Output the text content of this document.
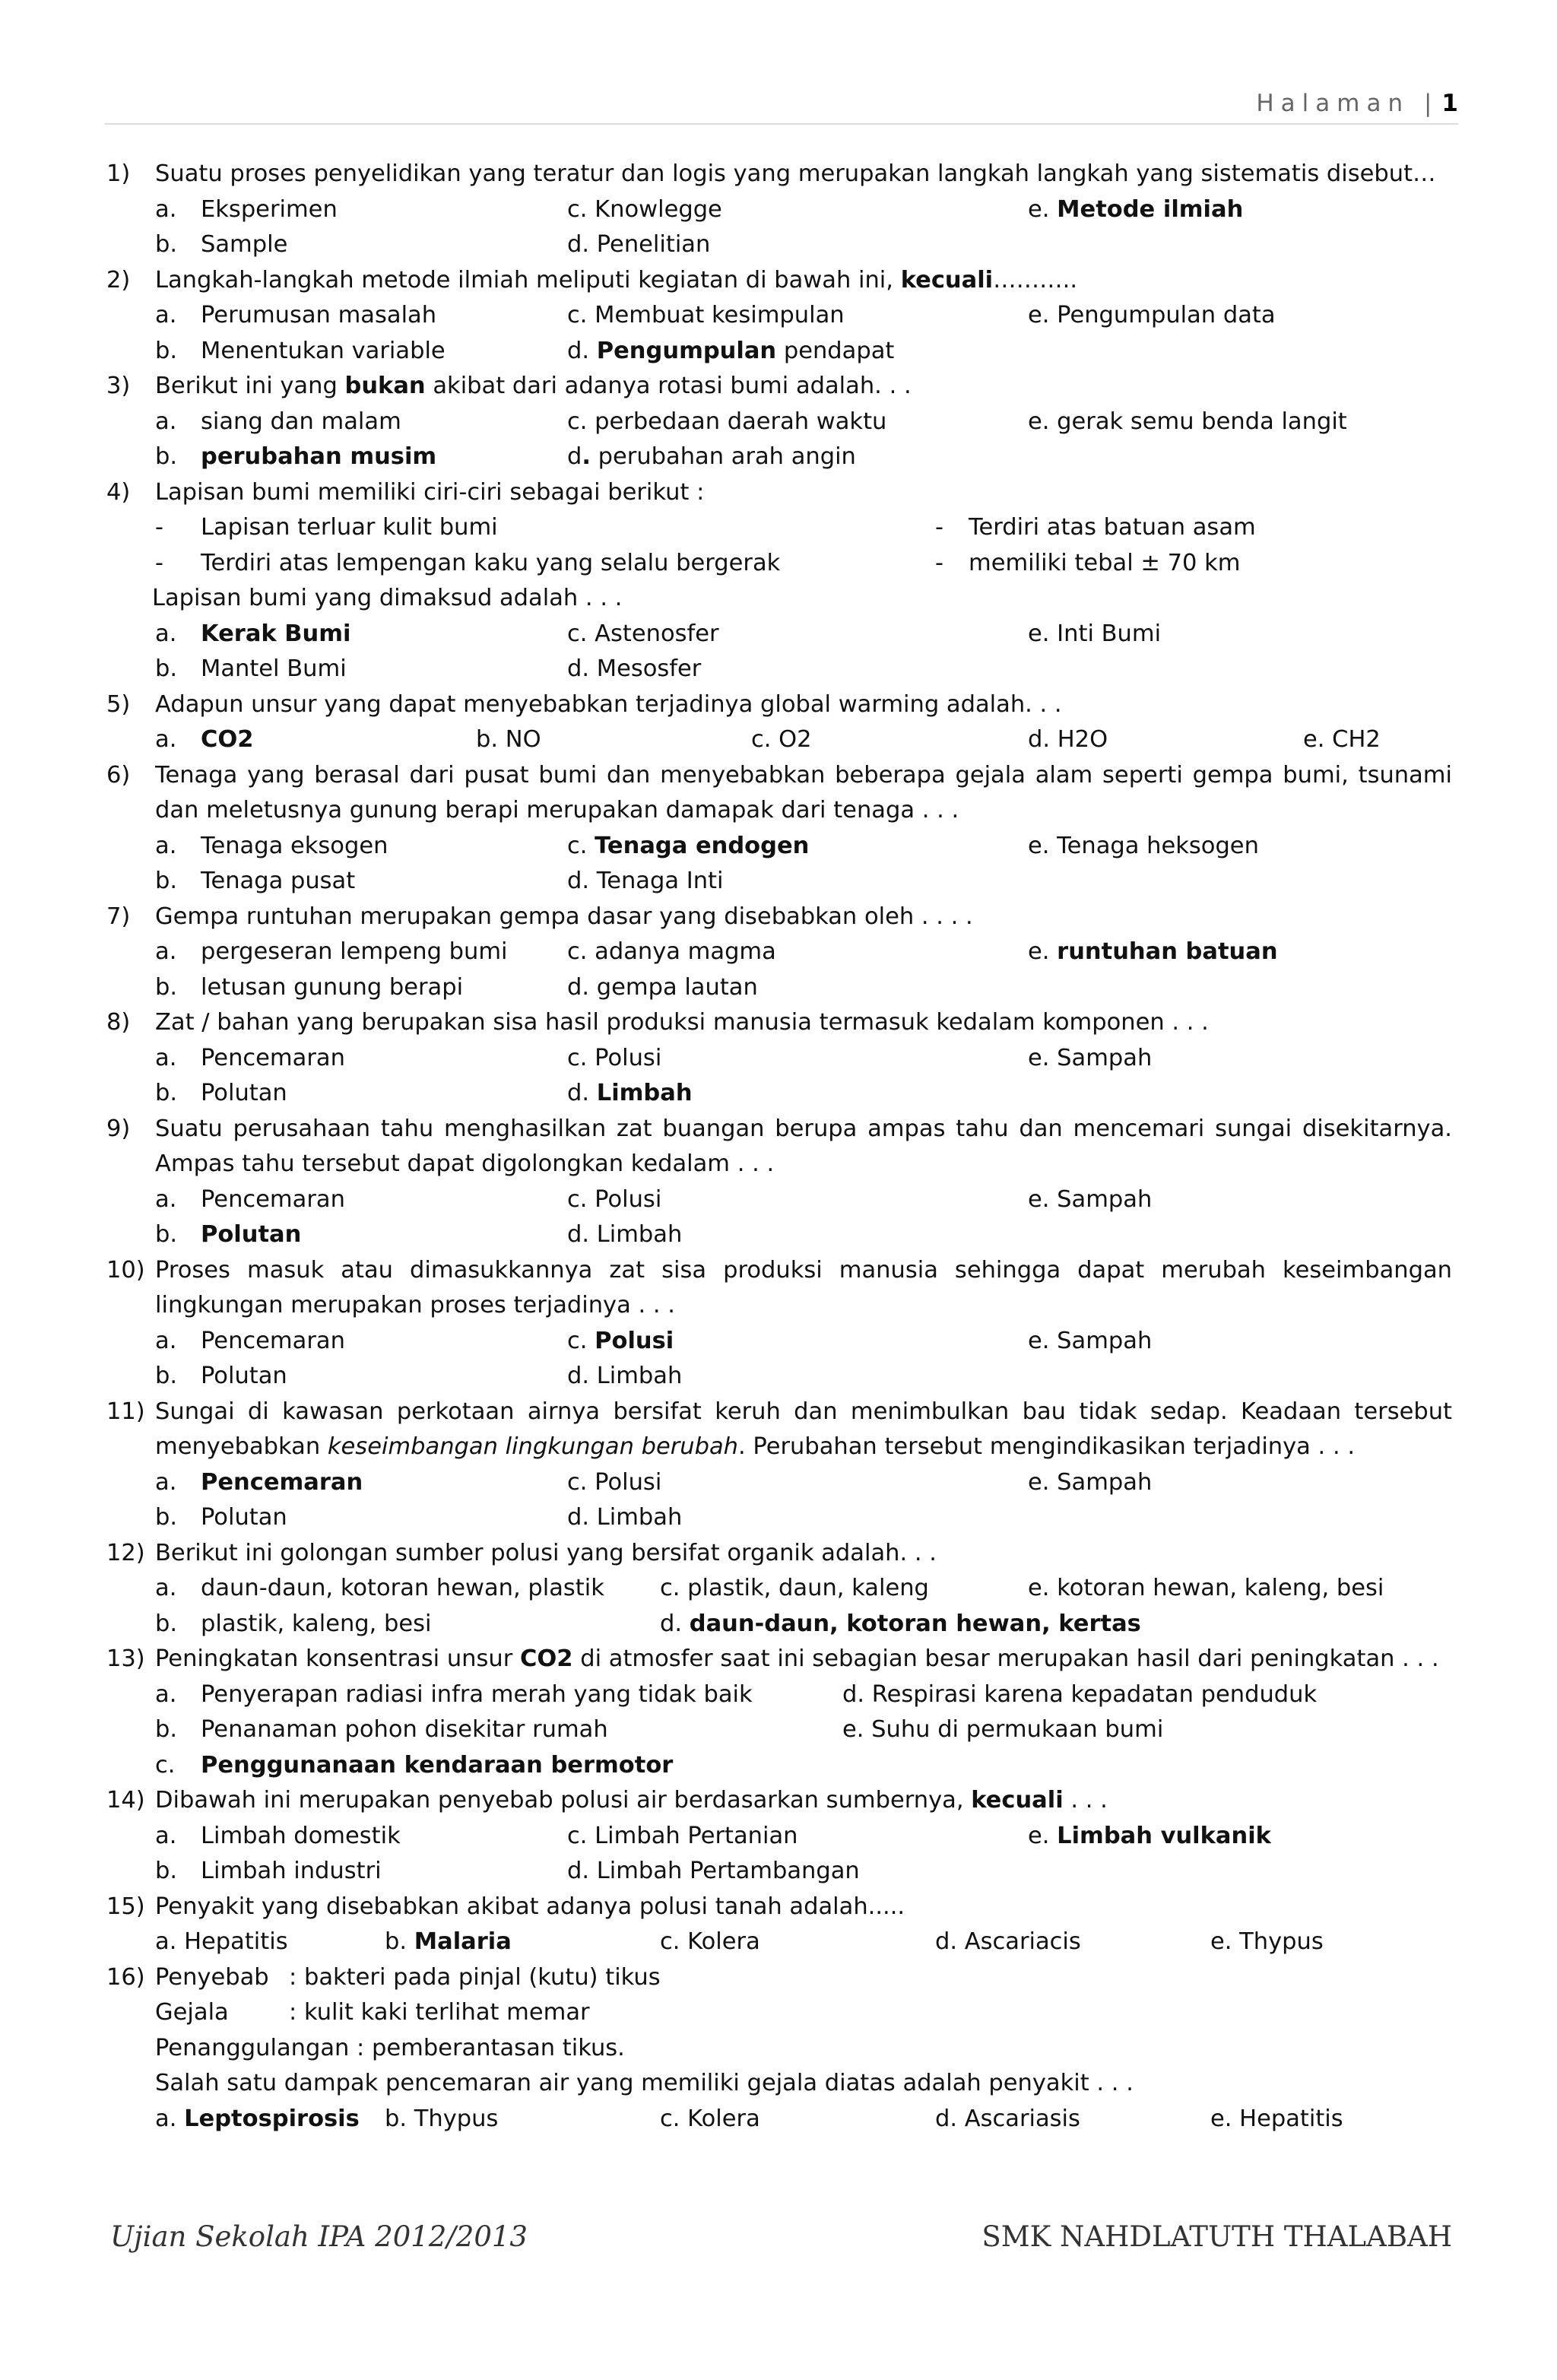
Halaman | 1
1) Suatu proses penyelidikan yang teratur dan logis yang merupakan langkah langkah yang sistematis disebut…
a. Eksperimen	c. Knowlegge	e. Metode ilmiah
b. Sample	d. Penelitian
2) Langkah-langkah metode ilmiah meliputi kegiatan di bawah ini, kecuali………..
a. Perumusan masalah	c. Membuat kesimpulan	e. Pengumpulan data
b. Menentukan variable	d. Pengumpulan pendapat
3) Berikut ini yang bukan akibat dari adanya rotasi bumi adalah. . .
a. siang dan malam	c. perbedaan daerah waktu	e. gerak semu benda langit
b. perubahan musim	d. perubahan arah angin
4) Lapisan bumi memiliki ciri-ciri sebagai berikut :
- Lapisan terluar kulit bumi	- Terdiri atas batuan asam
- Terdiri atas lempengan kaku yang selalu bergerak	- memiliki tebal ± 70 km
Lapisan bumi yang dimaksud adalah . . .
a. Kerak Bumi	c. Astenosfer	e. Inti Bumi
b. Mantel Bumi	d. Mesosfer
5) Adapun unsur yang dapat menyebabkan terjadinya global warming adalah. . .
a. CO2	b. NO	c. O2	d. H2O	e. CH2
6) Tenaga yang berasal dari pusat bumi dan menyebabkan beberapa gejala alam seperti gempa bumi, tsunami dan meletusnya gunung berapi merupakan damapak dari tenaga . . .
a. Tenaga eksogen	c. Tenaga endogen	e. Tenaga heksogen
b. Tenaga pusat	d. Tenaga Inti
7) Gempa runtuhan merupakan gempa dasar yang disebabkan oleh . . . .
a. pergeseran lempeng bumi	c. adanya magma	e. runtuhan batuan
b. letusan gunung berapi	d. gempa lautan
8) Zat / bahan yang berupakan sisa hasil produksi manusia termasuk kedalam komponen . . .
a. Pencemaran	c. Polusi	e. Sampah
b. Polutan	d. Limbah
9) Suatu perusahaan tahu menghasilkan zat buangan berupa ampas tahu dan mencemari sungai disekitarnya. Ampas tahu tersebut dapat digolongkan kedalam . . .
a. Pencemaran	c. Polusi	e. Sampah
b. Polutan	d. Limbah
10) Proses masuk atau dimasukkannya zat sisa produksi manusia sehingga dapat merubah keseimbangan lingkungan merupakan proses terjadinya . . .
a. Pencemaran	c. Polusi	e. Sampah
b. Polutan	d. Limbah
11) Sungai di kawasan perkotaan airnya bersifat keruh dan menimbulkan bau tidak sedap. Keadaan tersebut menyebabkan keseimbangan lingkungan berubah. Perubahan tersebut mengindikasikan terjadinya . . .
a. Pencemaran	c. Polusi	e. Sampah
b. Polutan	d. Limbah
12) Berikut ini golongan sumber polusi yang bersifat organik adalah. . .
a. daun-daun, kotoran hewan, plastik c. plastik, daun, kaleng	e. kotoran hewan, kaleng, besi
b. plastik, kaleng, besi	d. daun-daun, kotoran hewan, kertas
13) Peningkatan konsentrasi unsur CO2 di atmosfer saat ini sebagian besar merupakan hasil dari peningkatan . . .
a. Penyerapan radiasi infra merah yang tidak baik	d. Respirasi karena kepadatan penduduk
b. Penanaman pohon disekitar rumah	e. Suhu di permukaan bumi
c. Penggunanaan kendaraan bermotor
14) Dibawah ini merupakan penyebab polusi air berdasarkan sumbernya, kecuali . . .
a. Limbah domestik	c. Limbah Pertanian	e. Limbah vulkanik
b. Limbah industri	d. Limbah Pertambangan
15) Penyakit yang disebabkan akibat adanya polusi tanah adalah.....
a. Hepatitis	b. Malaria	c. Kolera	d. Ascariacis	e. Thypus
16) Penyebab : bakteri pada pinjal (kutu) tikus
Gejala	: kulit kaki terlihat memar
Penanggulangan : pemberantasan tikus.
Salah satu dampak pencemaran air yang memiliki gejala diatas adalah penyakit . . .
a. Leptospirosis b. Thypus	c. Kolera	d. Ascariasis	e. Hepatitis
Ujian Sekolah IPA 2012/2013	SMK NAHDLATUTH THALABAH
